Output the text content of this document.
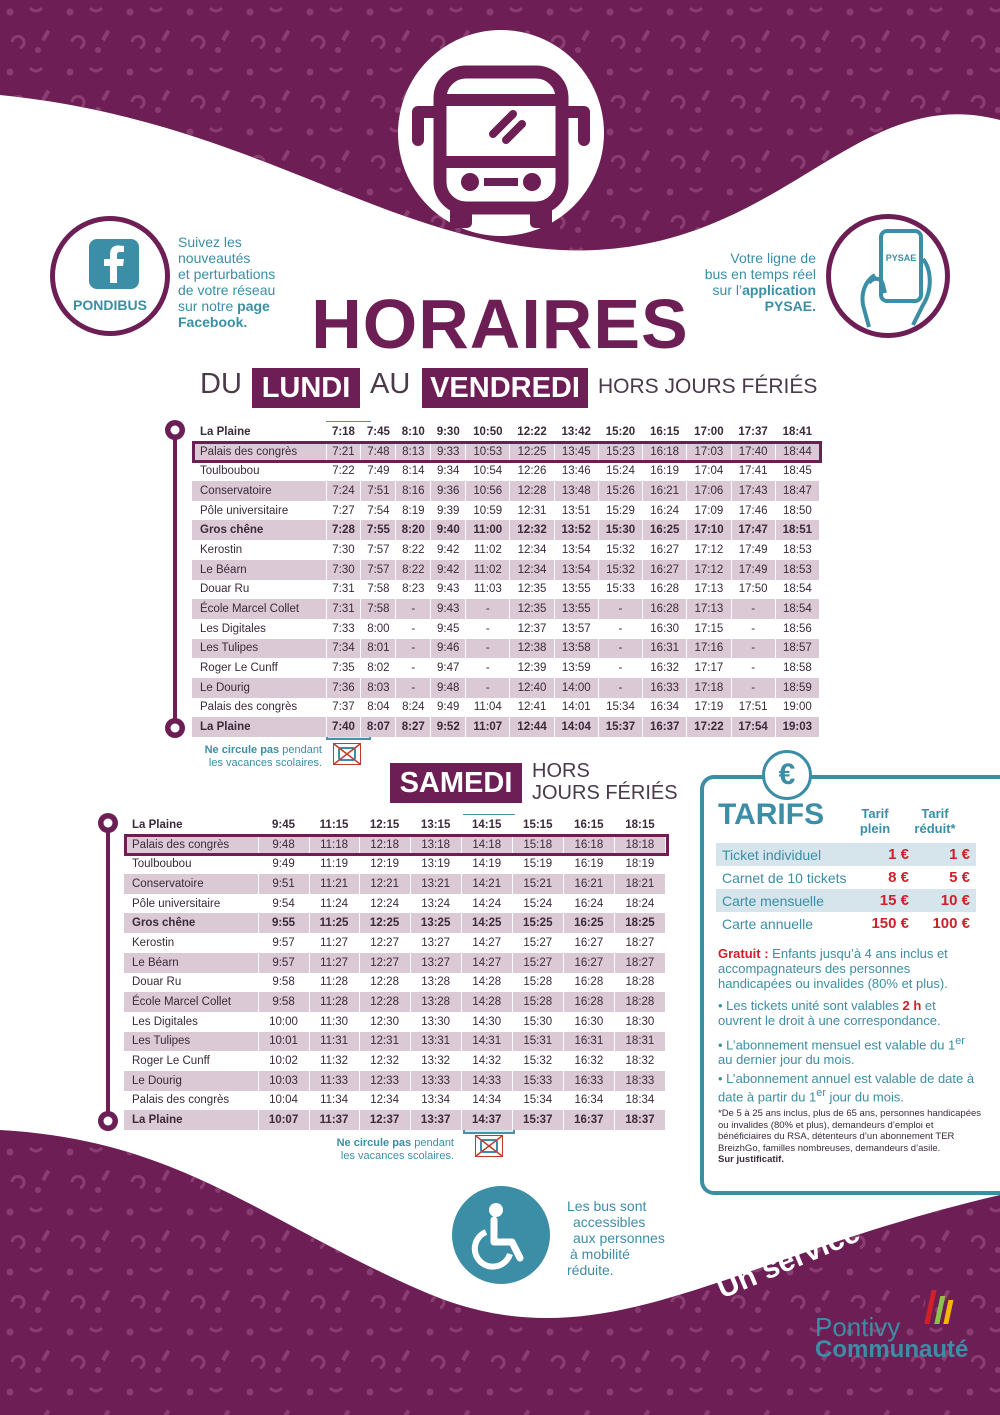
PONDIBUS
Suivez les
nouveautés
et perturbations
de votre réseau
sur notre page
Facebook.
Votre ligne de
bus en temps réel
sur l’application
PYSAE.
PYSAE
HORAIRES
DU LUNDI AU VENDREDI HORS JOURS FÉRIÉS
La Plaine	7:18	7:45	8:10	9:30	10:50	12:22	13:42	15:20	16:15	17:00	17:37	18:41
Palais des congrès	7:21	7:48	8:13	9:33	10:53	12:25	13:45	15:23	16:18	17:03	17:40	18:44
Toulboubou	7:22	7:49	8:14	9:34	10:54	12:26	13:46	15:24	16:19	17:04	17:41	18:45
Conservatoire	7:24	7:51	8:16	9:36	10:56	12:28	13:48	15:26	16:21	17:06	17:43	18:47
Pôle universitaire	7:27	7:54	8:19	9:39	10:59	12:31	13:51	15:29	16:24	17:09	17:46	18:50
Gros chêne	7:28	7:55	8:20	9:40	11:00	12:32	13:52	15:30	16:25	17:10	17:47	18:51
Kerostin	7:30	7:57	8:22	9:42	11:02	12:34	13:54	15:32	16:27	17:12	17:49	18:53
Le Béarn	7:30	7:57	8:22	9:42	11:02	12:34	13:54	15:32	16:27	17:12	17:49	18:53
Douar Ru	7:31	7:58	8:23	9:43	11:03	12:35	13:55	15:33	16:28	17:13	17:50	18:54
École Marcel Collet	7:31	7:58	-	9:43	-	12:35	13:55	-	16:28	17:13	-	18:54
Les Digitales	7:33	8:00	-	9:45	-	12:37	13:57	-	16:30	17:15	-	18:56
Les Tulipes	7:34	8:01	-	9:46	-	12:38	13:58	-	16:31	17:16	-	18:57
Roger Le Cunff	7:35	8:02	-	9:47	-	12:39	13:59	-	16:32	17:17	-	18:58
Le Dourig	7:36	8:03	-	9:48	-	12:40	14:00	-	16:33	17:18	-	18:59
Palais des congrès	7:37	8:04	8:24	9:49	11:04	12:41	14:01	15:34	16:34	17:19	17:51	19:00
La Plaine	7:40	8:07	8:27	9:52	11:07	12:44	14:04	15:37	16:37	17:22	17:54	19:03
Ne circule pas pendant
les vacances scolaires.
SAMEDI HORS
JOURS FÉRIÉS
La Plaine	9:45	11:15	12:15	13:15	14:15	15:15	16:15	18:15
Palais des congrès	9:48	11:18	12:18	13:18	14:18	15:18	16:18	18:18
Toulboubou	9:49	11:19	12:19	13:19	14:19	15:19	16:19	18:19
Conservatoire	9:51	11:21	12:21	13:21	14:21	15:21	16:21	18:21
Pôle universitaire	9:54	11:24	12:24	13:24	14:24	15:24	16:24	18:24
Gros chêne	9:55	11:25	12:25	13:25	14:25	15:25	16:25	18:25
Kerostin	9:57	11:27	12:27	13:27	14:27	15:27	16:27	18:27
Le Béarn	9:57	11:27	12:27	13:27	14:27	15:27	16:27	18:27
Douar Ru	9:58	11:28	12:28	13:28	14:28	15:28	16:28	18:28
École Marcel Collet	9:58	11:28	12:28	13:28	14:28	15:28	16:28	18:28
Les Digitales	10:00	11:30	12:30	13:30	14:30	15:30	16:30	18:30
Les Tulipes	10:01	11:31	12:31	13:31	14:31	15:31	16:31	18:31
Roger Le Cunff	10:02	11:32	12:32	13:32	14:32	15:32	16:32	18:32
Le Dourig	10:03	11:33	12:33	13:33	14:33	15:33	16:33	18:33
Palais des congrès	10:04	11:34	12:34	13:34	14:34	15:34	16:34	18:34
La Plaine	10:07	11:37	12:37	13:37	14:37	15:37	16:37	18:37
Ne circule pas pendant
les vacances scolaires.
€
TARIFS	Tarif
plein
Tarif
réduit*
Ticket individuel	1 €	1 €
Carnet de 10 tickets	8 €	5 €
Carte mensuelle	15 €	10 €
Carte annuelle	150 €	100 €
Gratuit : Enfants jusqu’à 4 ans inclus et accompagnateurs des personnes handicapées ou invalides (80% et plus).
• Les tickets unité sont valables 2 h et ouvrent le droit à une correspondance.
• L’abonnement mensuel est valable du 1er au dernier jour du mois.
• L’abonnement annuel est valable de date à date à partir du 1er jour du mois.
*De 5 à 25 ans inclus, plus de 65 ans, personnes handicapées ou invalides (80% et plus), demandeurs d’emploi et bénéficiaires du RSA, détenteurs d’un abonnement TER BreizhGo, familles nombreuses, demandeurs d’asile.
Sur justificatif.
Les bus sont
accessibles
aux personnes
à mobilité
réduite.	Un service
Pontivy
Communauté
